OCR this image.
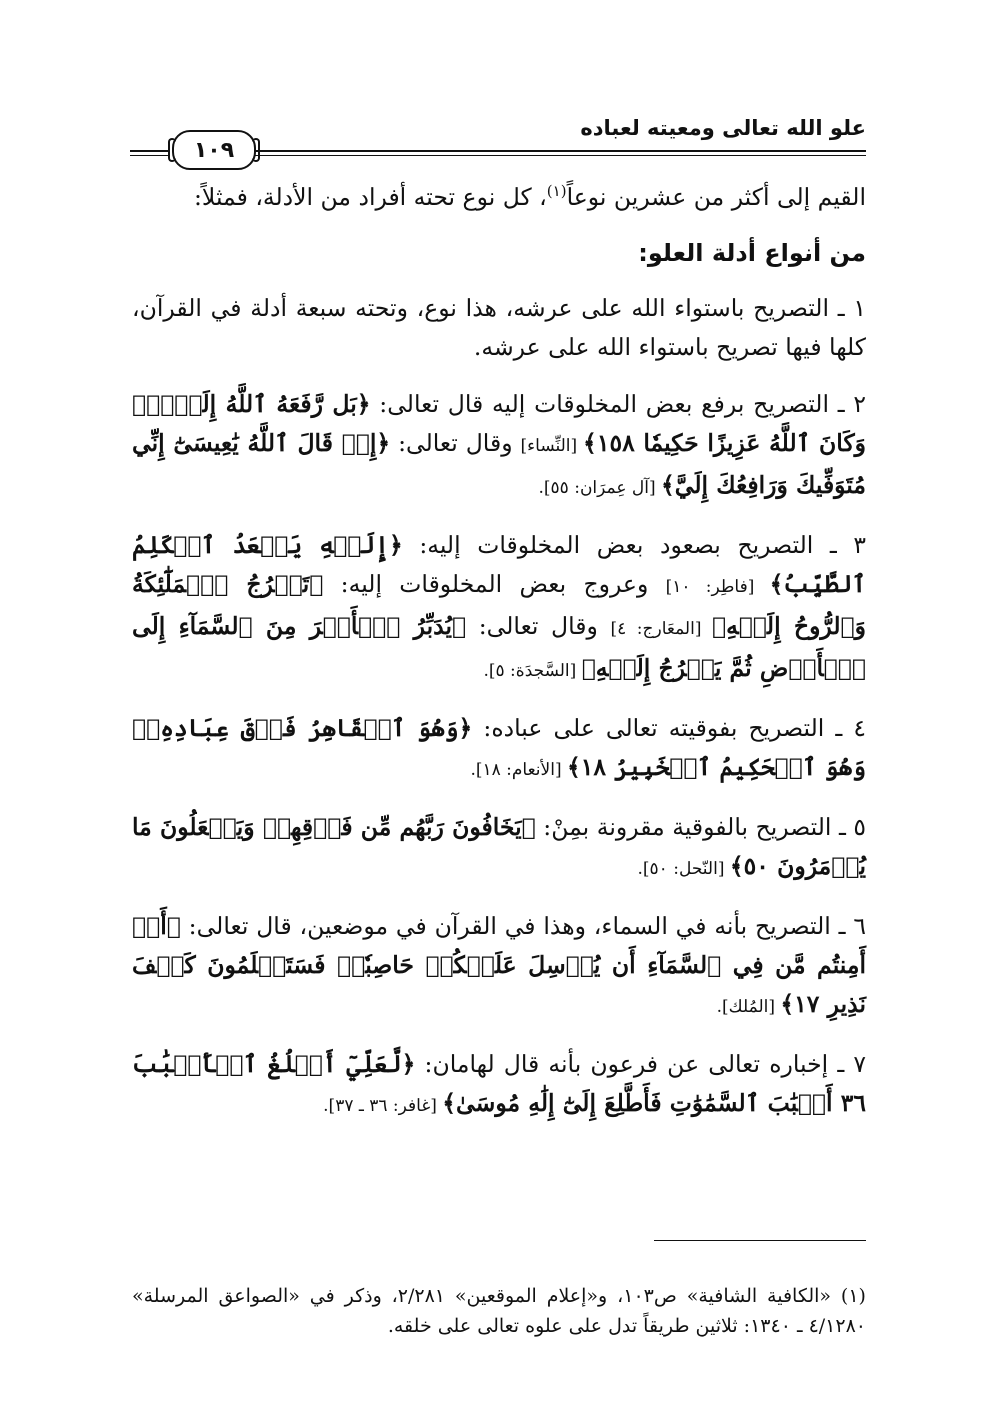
علو الله تعالى ومعيته لعباده
١٠٩

القيم إلى أكثر من عشرين نوعاً$^{(١)}$، كل نوع تحته أفراد من الأدلة، فمثلاً:

من أنواع أدلة العلو:

١ ـ التصريح باستواء الله على عرشه، هذا نوع، وتحته سبعة أدلة في القرآن، كلها فيها تصريح باستواء الله على عرشه.

٢ ـ التصريح برفع بعض المخلوقات إليه قال تعالى: ﴿بَل رَّفَعَهُ ٱللَّهُ إِلَيۡهِۚ وَكَانَ ٱللَّهُ عَزِيزًا حَكِيمٗا ١٥٨﴾ [النِّساء] وقال تعالى: ﴿إِذۡ قَالَ ٱللَّهُ يَٰعِيسَىٰٓ إِنِّي مُتَوَفِّيكَ وَرَافِعُكَ إِلَيَّ﴾ [آل عِمرَان: ٥٥].

٣ ـ التصريح بصعود بعض المخلوقات إليه: ﴿إِلَيۡهِ يَصۡعَدُ ٱلۡكَلِمُ ٱلطَّيِّبُ﴾ [فاطِر: ١٠] وعروج بعض المخلوقات إليه: ﴿تَعۡرُجُ ٱلۡمَلَٰٓئِكَةُ وَٱلرُّوحُ إِلَيۡهِ﴾ [المعَارج: ٤] وقال تعالى: ﴿يُدَبِّرُ ٱلۡأَمۡرَ مِنَ ٱلسَّمَآءِ إِلَى ٱلۡأَرۡضِ ثُمَّ يَعۡرُجُ إِلَيۡهِ﴾ [السَّجدَة: ٥].

٤ ـ التصريح بفوقيته تعالى على عباده: ﴿وَهُوَ ٱلۡقَاهِرُ فَوۡقَ عِبَادِهِۦۚ وَهُوَ ٱلۡحَكِيمُ ٱلۡخَبِيرُ ١٨﴾ [الأنعام: ١٨].

٥ ـ التصريح بالفوقية مقرونة بمِنْ: ﴿يَخَافُونَ رَبَّهُم مِّن فَوۡقِهِمۡ وَيَفۡعَلُونَ مَا يُؤۡمَرُونَ ٥٠﴾ [النّحل: ٥٠].

٦ ـ التصريح بأنه في السماء، وهذا في القرآن في موضعين، قال تعالى: ﴿أَمۡ أَمِنتُم مَّن فِي ٱلسَّمَآءِ أَن يُرۡسِلَ عَلَيۡكُمۡ حَاصِبٗاۖ فَسَتَعۡلَمُونَ كَيۡفَ نَذِيرِ ١٧﴾ [المُلك].

٧ ـ إخباره تعالى عن فرعون بأنه قال لهامان: ﴿لَّعَلِّيٓ أَبۡلُغُ ٱلۡأَسۡبَٰبَ ٣٦ أَسۡبَٰبَ ٱلسَّمَٰوَٰتِ فَأَطَّلِعَ إِلَىٰٓ إِلَٰهِ مُوسَىٰ﴾ [غافر: ٣٦ ـ ٣٧].

(١) «الكافية الشافية» ص١٠٣، و«إعلام الموقعين» ٢/٢٨١، وذكر في «الصواعق المرسلة» ٤/١٢٨٠ ـ ١٣٤٠: ثلاثين طريقاً تدل على علوه تعالى على خلقه.
